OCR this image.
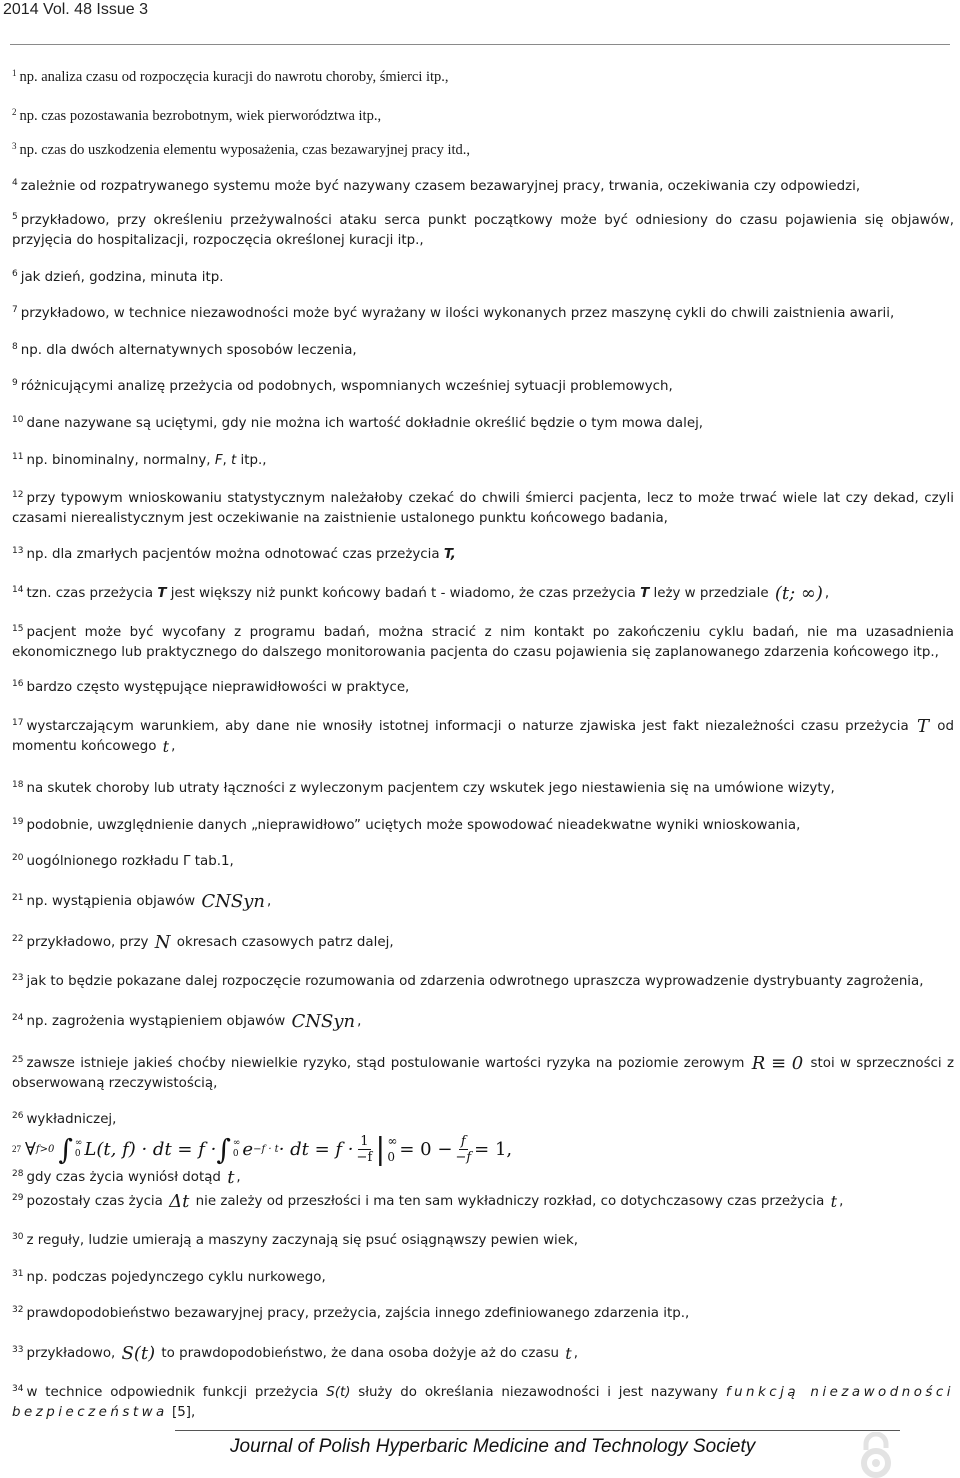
2014 Vol. 48 Issue 3

$^1$ np. analiza czasu od rozpoczęcia kuracji do nawrotu choroby, śmierci itp.,

$^2$ np. czas pozostawania bezrobotnym, wiek pierworództwa itp.,

$^3$ np. czas do uszkodzenia elementu wyposażenia, czas bezawaryjnej pracy itd.,

$^4$ zależnie od rozpatrywanego systemu może być nazywany czasem bezawaryjnej pracy, trwania, oczekiwania czy odpowiedzi,

$^5$ przykładowo, przy określeniu przeżywalności ataku serca punkt początkowy może być odniesiony do czasu pojawienia się objawów, przyjęcia do hospitalizacji, rozpoczęcia określonej kuracji itp.,

$^6$ jak dzień, godzina, minuta itp.

$^7$ przykładowo, w technice niezawodności może być wyrażany w ilości wykonanych przez maszynę cykli do chwili zaistnienia awarii,

$^8$ np. dla dwóch alternatywnych sposobów leczenia,

$^9$ różnicującymi analizę przeżycia od podobnych, wspomnianych wcześniej sytuacji problemowych,

$^{10}$ dane nazywane są uciętymi, gdy nie można ich wartość dokładnie określić będzie o tym mowa dalej,

$^{11}$ np. binominalny, normalny, F, t itp.,

$^{12}$ przy typowym wnioskowaniu statystycznym należałoby czekać do chwili śmierci pacjenta, lecz to może trwać wiele lat czy dekad, czyli czasami nierealistycznym jest oczekiwanie na zaistnienie ustalonego punktu końcowego badania,

$^{13}$ np. dla zmarłych pacjentów można odnotować czas przeżycia T,

$^{14}$ tzn. czas przeżycia T jest większy niż punkt końcowy badań t - wiadomo, że czas przeżycia T leży w przedziale (t; ∞) ,

$^{15}$ pacjent może być wycofany z programu badań, można stracić z nim kontakt po zakończeniu cyklu badań, nie ma uzasadnienia ekonomicznego lub praktycznego do dalszego monitorowania pacjenta do czasu pojawienia się zaplanowanego zdarzenia końcowego itp.,

$^{16}$ bardzo często występujące nieprawidłowości w praktyce,

$^{17}$ wystarczającym warunkiem, aby dane nie wnosiły istotnej informacji o naturze zjawiska jest fakt niezależności czasu przeżycia T od momentu końcowego t ,

$^{18}$ na skutek choroby lub utraty łączności z wyleczonym pacjentem czy wskutek jego niestawienia się na umówione wizyty,

$^{19}$ podobnie, uwzględnienie danych „nieprawidłowo” uciętych może spowodować nieadekwatne wyniki wnioskowania,

$^{20}$ uogólnionego rozkładu Γ tab.1,

$^{21}$ np. wystąpienia objawów CNSyn ,

$^{22}$ przykładowo, przy N okresach czasowych patrz dalej,

$^{23}$ jak to będzie pokazane dalej rozpoczęcie rozumowania od zdarzenia odwrotnego upraszcza wyprowadzenie dystrybuanty zagrożenia,

$^{24}$ np. zagrożenia wystąpieniem objawów CNSyn ,

$^{25}$ zawsze istnieje jakieś choćby niewielkie ryzyko, stąd postulowanie wartości ryzyka na poziomie zerowym R ≡ 0 stoi w sprzeczności z obserwowaną rzeczywistością,

$^{26}$ wykładniczej,

27 ∀ f>0 ∫ ∞
0 L(t, f) · dt = f · ∫ ∞
0 e −f · t · dt = $f \cdot \frac{1}{-f}$ | ∞
$0 = 0 - \frac{f}{-f} = 1$,

$^{28}$ gdy czas życia wyniósł dotąd t ,

$^{29}$ pozostały czas życia Δt nie zależy od przeszłości i ma ten sam wykładniczy rozkład, co dotychczasowy czas przeżycia t ,

$^{30}$ z reguły, ludzie umierają a maszyny zaczynają się psuć osiągnąwszy pewien wiek,

$^{31}$ np. podczas pojedynczego cyklu nurkowego,

$^{32}$ prawdopodobieństwo bezawaryjnej pracy, przeżycia, zajścia innego zdefiniowanego zdarzenia itp.,

$^{33}$ przykładowo, S(t) to prawdopodobieństwo, że dana osoba dożyje aż do czasu t ,

$^{34}$ w technice odpowiednik funkcji przeżycia S(t) służy do określania niezawodności i jest nazywany funkcją niezawodności bezpieczeństwa [5],

Journal of Polish Hyperbaric Medicine and Technology Society
